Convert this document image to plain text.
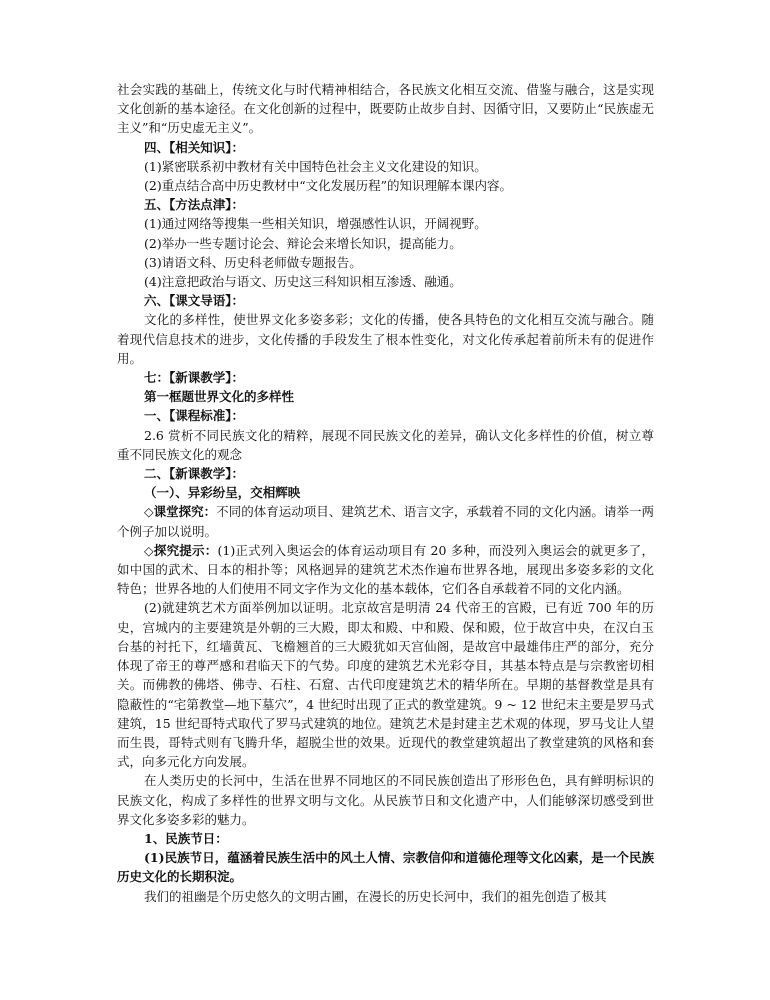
社会实践的基础上，传统文化与时代精神相结合，各民族文化相互交流、借鉴与融合，这是实现文化创新的基本途径。在文化创新的过程中，既要防止故步自封、因循守旧，又要防止“民族虚无主义”和“历史虚无主义”。

四、【相关知识】：

(1)紧密联系初中教材有关中国特色社会主义文化建设的知识。

(2)重点结合高中历史教材中“文化发展历程”的知识理解本课内容。

五、【方法点津】：

(1)通过网络等搜集一些相关知识，增强感性认识，开阔视野。

(2)举办一些专题讨论会、辩论会来增长知识，提高能力。

(3)请语文科、历史科老师做专题报告。

(4)注意把政治与语文、历史这三科知识相互渗透、融通。

六、【课文导语】：

文化的多样性，使世界文化多姿多彩；文化的传播，使各具特色的文化相互交流与融合。随着现代信息技术的进步，文化传播的手段发生了根本性变化，对文化传承起着前所未有的促进作用。

七：【新课教学】：

第一框题世界文化的多样性

一、【课程标准】：

2.6 赏析不同民族文化的精粹，展现不同民族文化的差异，确认文化多样性的价值，树立尊重不同民族文化的观念

二、【新课教学】：

（一）、异彩纷呈，交相辉映

◇课堂探究：不同的体育运动项目、建筑艺术、语言文字，承载着不同的文化内涵。请举一两个例子加以说明。

◇探究提示：(1)正式列入奥运会的体育运动项目有 20 多种，而没列入奥运会的就更多了，如中国的武术、日本的相扑等；风格迥异的建筑艺术杰作遍布世界各地，展现出多姿多彩的文化特色；世界各地的人们使用不同文字作为文化的基本载体，它们各自承载着不同的文化内涵。

(2)就建筑艺术方面举例加以证明。北京故宫是明清 24 代帝王的宫殿，已有近 700 年的历史，宫城内的主要建筑是外朝的三大殿，即太和殿、中和殿、保和殿，位于故宫中央，在汉白玉台基的衬托下，红墙黄瓦、飞檐翘首的三大殿犹如天宫仙阁，是故宫中最雄伟庄严的部分，充分体现了帝王的尊严感和君临天下的气势。印度的建筑艺术光彩夺目，其基本特点是与宗教密切相关。而佛教的佛塔、佛寺、石柱、石窟、古代印度建筑艺术的精华所在。早期的基督教堂是具有隐蔽性的“宅第教堂—地下墓穴”，4 世纪时出现了正式的教堂建筑。9 ~ 12 世纪末主要是罗马式建筑，15 世纪哥特式取代了罗马式建筑的地位。建筑艺术是封建主艺术观的体现，罗马戈让人望而生畏，哥特式则有飞腾升华，超脱尘世的效果。近现代的教堂建筑超出了教堂建筑的风格和套式，向多元化方向发展。

在人类历史的长河中，生活在世界不同地区的不同民族创造出了形形色色，具有鲜明标识的民族文化，构成了多样性的世界文明与文化。从民族节日和文化遗产中，人们能够深切感受到世界文化多姿多彩的魅力。

1、民族节日：

(1)民族节日，蕴涵着民族生活中的风土人情、宗教信仰和道德伦理等文化凶素，是一个民族历史文化的长期积淀。

我们的祖幽是个历史悠久的文明古圃，在漫长的历史长河中，我们的祖先创造了极其
